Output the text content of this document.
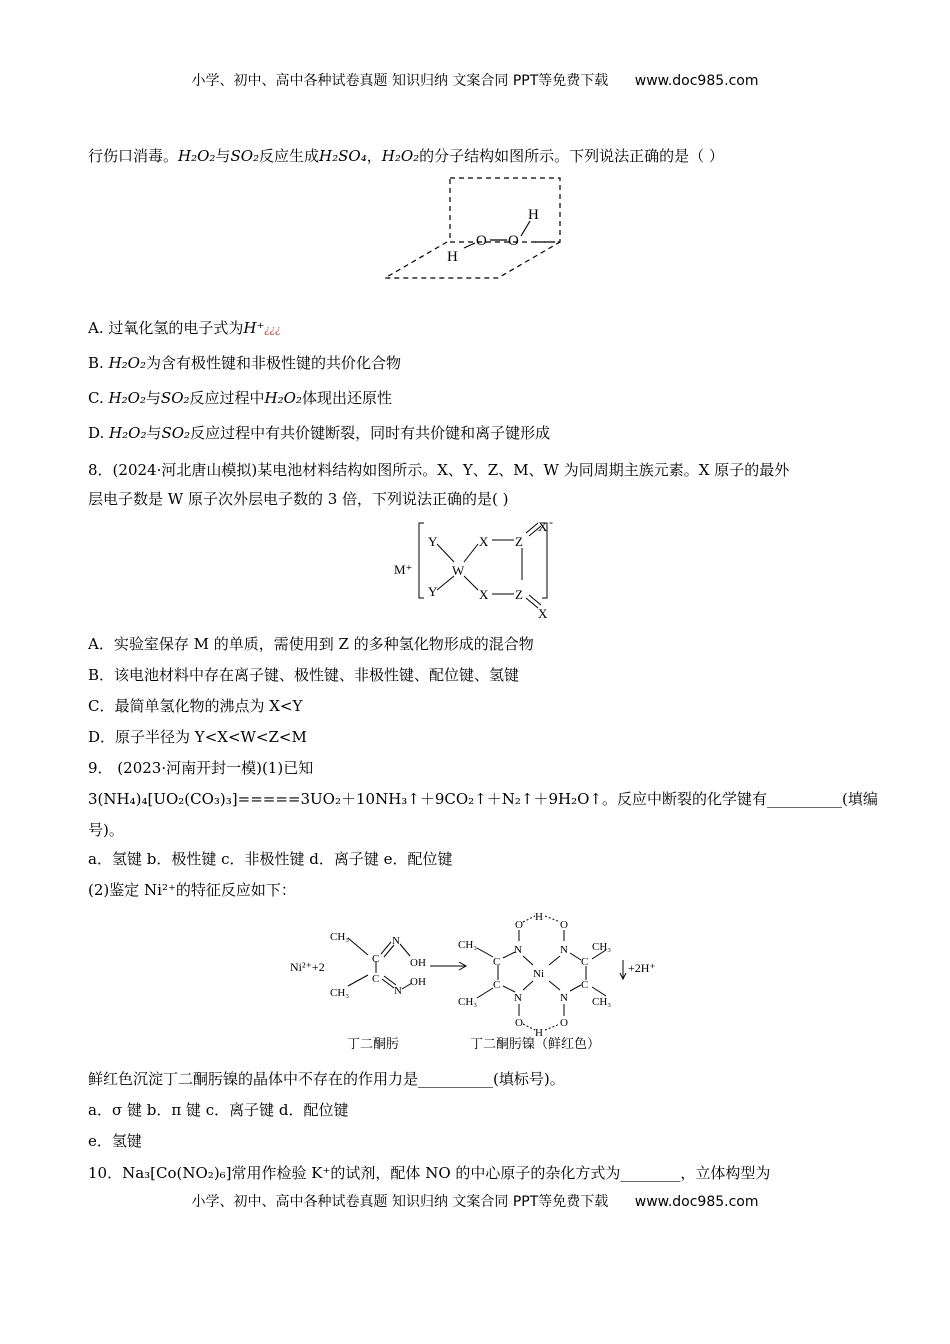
小学、初中、高中各种试卷真题 知识归纳 文案合同 PPT等免费下载 www.doc985.com
行伤口消毒。H₂O₂与SO₂反应生成H₂SO₄，H₂O₂的分子结构如图所示。下列说法正确的是（ ）
H
O O
H
A. 过氧化氢的电子式为H⁺¿¿¿
B. H₂O₂为含有极性键和非极性键的共价化合物
C. H₂O₂与SO₂反应过程中H₂O₂体现出还原性
D. H₂O₂与SO₂反应过程中有共价键断裂，同时有共价键和离子键形成
8．(2024·河北唐山模拟)某电池材料结构如图所示。X、Y、Z、M、W 为同周期主族元素。X 原子的最外
层电子数是 W 原子次外层电子数的 3 倍，下列说法正确的是( )
M⁺
Y
Y
W
X
X
Z
Z
X
X
-
A．实验室保存 M 的单质，需使用到 Z 的多种氢化物形成的混合物
B．该电池材料中存在离子键、极性键、非极性键、配位键、氢键
C．最简单氢化物的沸点为 X<Y
D．原子半径为 Y<X<W<Z<M
9． (2023·河南开封一模)(1)已知
3(NH₄)₄[UO₂(CO₃)₃]=====3UO₂＋10NH₃↑＋9CO₂↑＋N₂↑＋9H₂O↑。反应中断裂的化学键有__________(填编
号)。
a．氢键 b．极性键 c．非极性键 d．离子键 e．配位键
(2)鉴定 Ni²⁺的特征反应如下：
Ni²⁺+2
CH₃
CH₃
C
C
N
N
OH
OH
CH₃
CH₃
C
C
N
N
O
O
H
H
Ni
N
N
O
O
C
C
CH₃
CH₃
+2H⁺
丁二酮肟	丁二酮肟镍（鲜红色）
鲜红色沉淀丁二酮肟镍的晶体中不存在的作用力是__________(填标号)。
a．σ 键 b．π 键 c．离子键 d．配位键
e．氢键
10．Na₃[Co(NO₂)₆]常用作检验 K⁺的试剂，配体 NO 的中心原子的杂化方式为________，立体构型为
小学、初中、高中各种试卷真题 知识归纳 文案合同 PPT等免费下载 www.doc985.com
